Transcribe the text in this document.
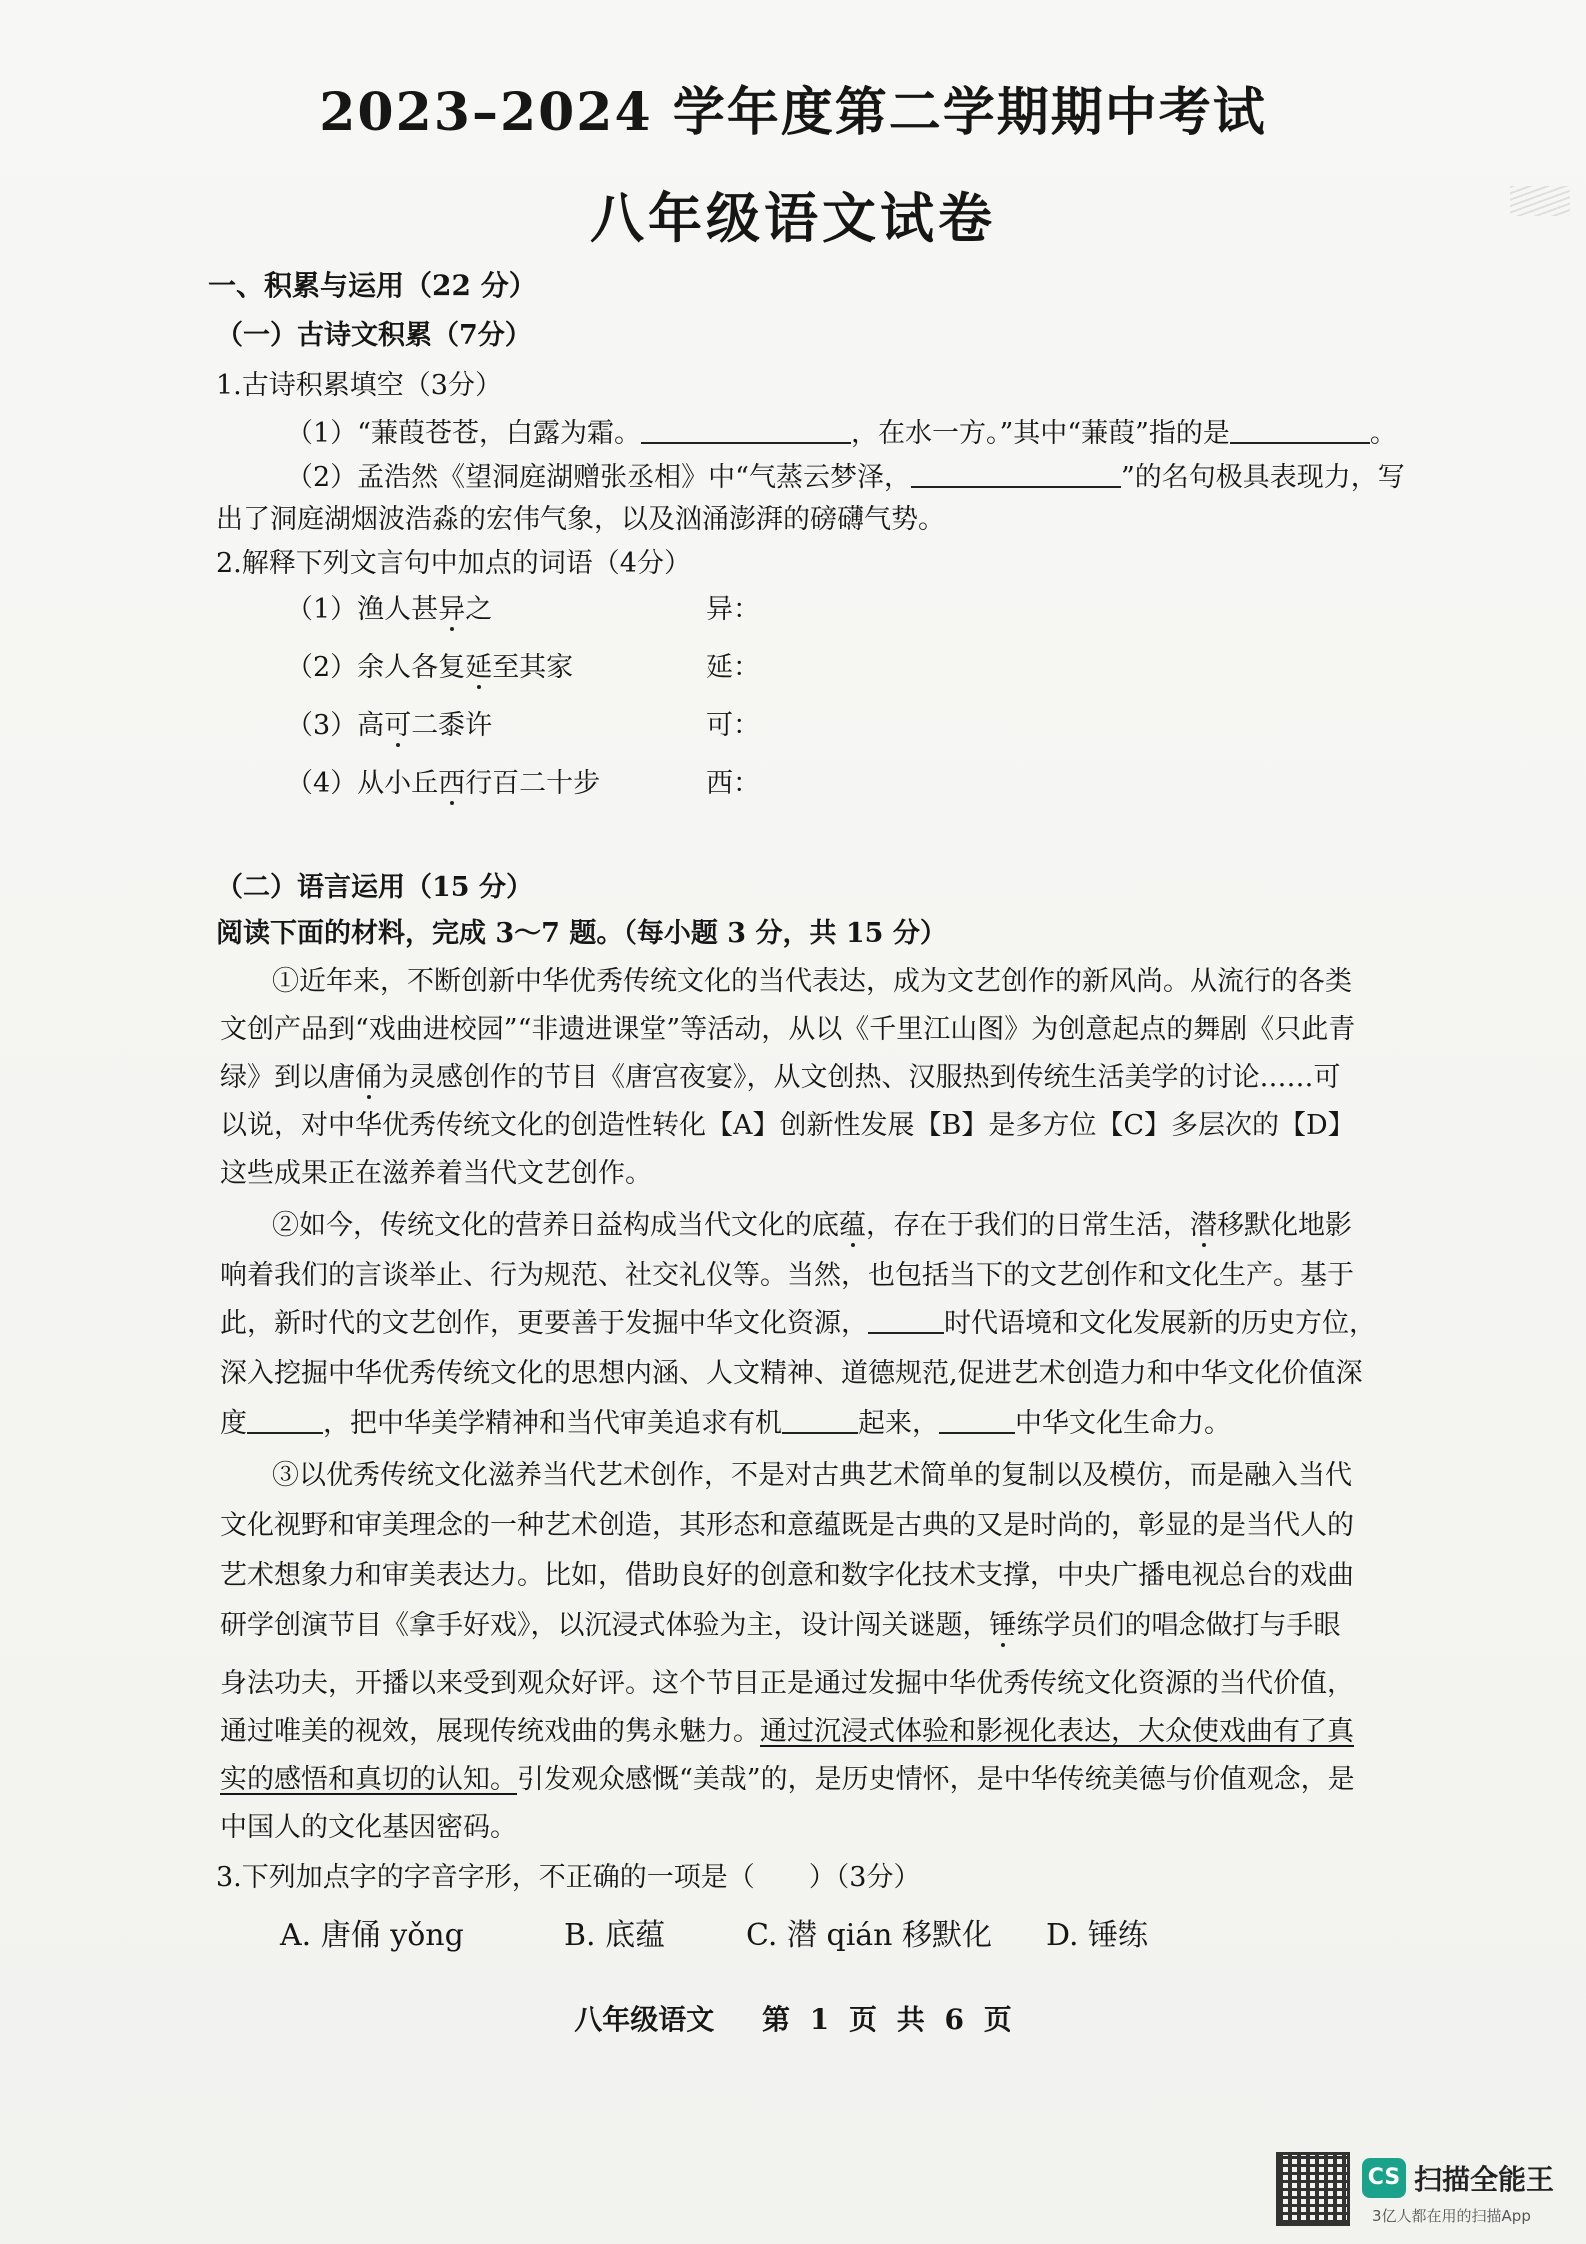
2023–2024 学年度第二学期期中考试
八年级语文试卷
一、积累与运用（22 分）
（一）古诗文积累（7分）
1.古诗积累填空（3分）
（1）“蒹葭苍苍，白露为霜。	，在水一方。”其中“蒹葭”指的是	。
（2）孟浩然《望洞庭湖赠张丞相》中“气蒸云梦泽，	”的名句极具表现力，写
出了洞庭湖烟波浩淼的宏伟气象，以及汹涌澎湃的磅礴气势。
2.解释下列文言句中加点的词语（4分）
（1）渔人甚异之	异：
（2）余人各复延至其家	延：
（3）高可二黍许	可：
（4）从小丘西行百二十步	西：
（二）语言运用（15 分）
阅读下面的材料，完成 3～7 题。（每小题 3 分，共 15 分）
①近年来，不断创新中华优秀传统文化的当代表达，成为文艺创作的新风尚。从流行的各类
文创产品到“戏曲进校园”“非遗进课堂”等活动，从以《千里江山图》为创意起点的舞剧《只此青
绿》到以唐俑为灵感创作的节目《唐宫夜宴》，从文创热、汉服热到传统生活美学的讨论……可
以说，对中华优秀传统文化的创造性转化【A】创新性发展【B】是多方位【C】多层次的【D】
这些成果正在滋养着当代文艺创作。
②如今，传统文化的营养日益构成当代文化的底蕴，存在于我们的日常生活，潜移默化地影
响着我们的言谈举止、行为规范、社交礼仪等。当然，也包括当下的文艺创作和文化生产。基于
此，新时代的文艺创作，更要善于发掘中华文化资源，	时代语境和文化发展新的历史方位，
深入挖掘中华优秀传统文化的思想内涵、人文精神、道德规范,促进艺术创造力和中华文化价值深
度	，把中华美学精神和当代审美追求有机	起来，	中华文化生命力。
③以优秀传统文化滋养当代艺术创作，不是对古典艺术简单的复制以及模仿，而是融入当代
文化视野和审美理念的一种艺术创造，其形态和意蕴既是古典的又是时尚的，彰显的是当代人的
艺术想象力和审美表达力。比如，借助良好的创意和数字化技术支撑，中央广播电视总台的戏曲
研学创演节目《拿手好戏》，以沉浸式体验为主，设计闯关谜题，锤练学员们的唱念做打与手眼
身法功夫，开播以来受到观众好评。这个节目正是通过发掘中华优秀传统文化资源的当代价值，
通过唯美的视效，展现传统戏曲的隽永魅力。通过沉浸式体验和影视化表达，大众使戏曲有了真
实的感悟和真切的认知。引发观众感慨“美哉”的，是历史情怀，是中华传统美德与价值观念，是
中国人的文化基因密码。
3.下列加点字的字音字形，不正确的一项是（　　）（3分）
A. 唐俑 yǒng	B. 底蕴	C. 潜 qián 移默化 D. 锤练
八年级语文 第 1 页 共 6 页
CS 扫描全能王
3亿人都在用的扫描App
